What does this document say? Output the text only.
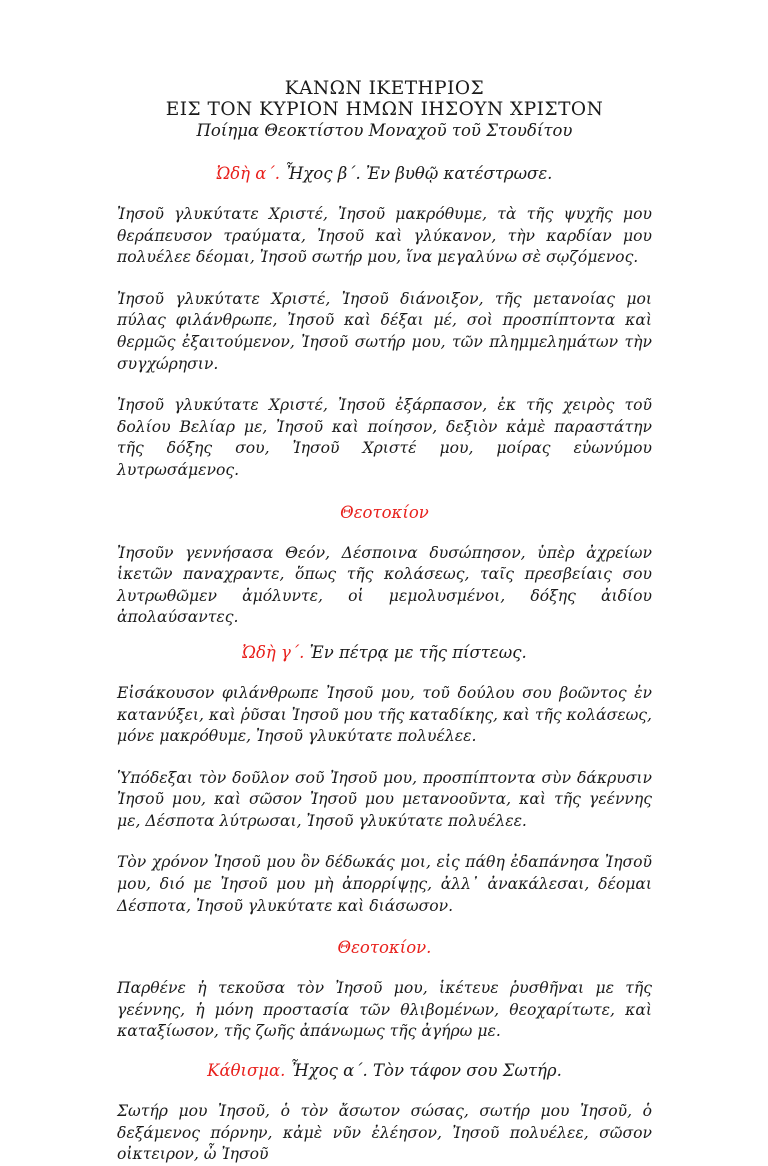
ΚΑΝΩΝ ΙΚΕΤΗΡΙΟΣ

ΕΙΣ ΤΟΝ ΚΥΡΙΟΝ ΗΜΩΝ ΙΗΣΟΥΝ ΧΡΙΣΤΟΝ

Ποίημα Θεοκτίστου Μοναχοῦ τοῦ Στουδίτου

Ὠδὴ α΄. Ἦχος β΄. Ἐν βυθῷ κατέστρωσε.

Ἰησοῦ γλυκύτατε Χριστέ, Ἰησοῦ μακρόθυμε, τὰ τῆς ψυχῆς μου θεράπευσον τραύματα, Ἰησοῦ καὶ γλύκανον, τὴν καρδίαν μου πολυέλεε δέομαι, Ἰησοῦ σωτήρ μου, ἵνα μεγαλύνω σὲ σῳζόμενος.

Ἰησοῦ γλυκύτατε Χριστέ, Ἰησοῦ διάνοιξον, τῆς μετανοίας μοι πύλας φιλάνθρωπε, Ἰησοῦ καὶ δέξαι μέ, σοὶ προσπίπτοντα καὶ θερμῶς ἐξαιτούμενον, Ἰησοῦ σωτήρ μου, τῶν πλημμελημάτων τὴν συγχώρησιν.

Ἰησοῦ γλυκύτατε Χριστέ, Ἰησοῦ ἐξάρπασον, ἐκ τῆς χειρὸς τοῦ δολίου Βελίαρ με, Ἰησοῦ καὶ ποίησον, δεξιὸν κἀμὲ παραστάτην τῆς δόξης σου, Ἰησοῦ Χριστέ μου, μοίρας εὐωνύμου λυτρωσάμενος.

Θεοτοκίον

Ἰησοῦν γεννήσασα Θεόν, Δέσποινα δυσώπησον, ὑπὲρ ἀχρείων ἱκετῶν παναχραντε, ὅπως τῆς κολάσεως, ταῖς πρεσβείαις σου λυτρωθῶμεν ἀμόλυντε, οἱ μεμολυσμένοι, δόξης ἀιδίου ἀπολαύσαντες.

Ὠδὴ γ΄. Ἐν πέτρᾳ με τῆς πίστεως.

Εἰσάκουσον φιλάνθρωπε Ἰησοῦ μου, τοῦ δούλου σου βοῶντος ἐν κατανύξει, καὶ ῥῦσαι Ἰησοῦ μου τῆς καταδίκης, καὶ τῆς κολάσεως, μόνε μακρόθυμε, Ἰησοῦ γλυκύτατε πολυέλεε.

Ὑπόδεξαι τὸν δοῦλον σοῦ Ἰησοῦ μου, προσπίπτοντα σὺν δάκρυσιν Ἰησοῦ μου, καὶ σῶσον Ἰησοῦ μου μετανοοῦντα, καὶ τῆς γεέννης με, Δέσποτα λύτρωσαι, Ἰησοῦ γλυκύτατε πολυέλεε.

Τὸν χρόνον Ἰησοῦ μου ὃν δέδωκάς μοι, εἰς πάθη ἐδαπάνησα Ἰησοῦ μου, διό με Ἰησοῦ μου μὴ ἀπορρίψῃς, ἀλλ᾽ ἀνακάλεσαι, δέομαι Δέσποτα, Ἰησοῦ γλυκύτατε καὶ διάσωσον.

Θεοτοκίον.

Παρθένε ἡ τεκοῦσα τὸν Ἰησοῦ μου, ἱκέτευε ῥυσθῆναι με τῆς γεέννης, ἡ μόνη προστασία τῶν θλιβομένων, θεοχαρίτωτε, καὶ καταξίωσον, τῆς ζωῆς ἀπάνωμως τῆς ἀγήρω με.

Κάθισμα. Ἦχος α΄. Τὸν τάφον σου Σωτήρ.

Σωτήρ μου Ἰησοῦ, ὁ τὸν ἄσωτον σώσας, σωτήρ μου Ἰησοῦ, ὁ δεξάμενος πόρνην, κἀμὲ νῦν ἐλέησον, Ἰησοῦ πολυέλεε, σῶσον οἰκτειρον, ὦ Ἰησοῦ
